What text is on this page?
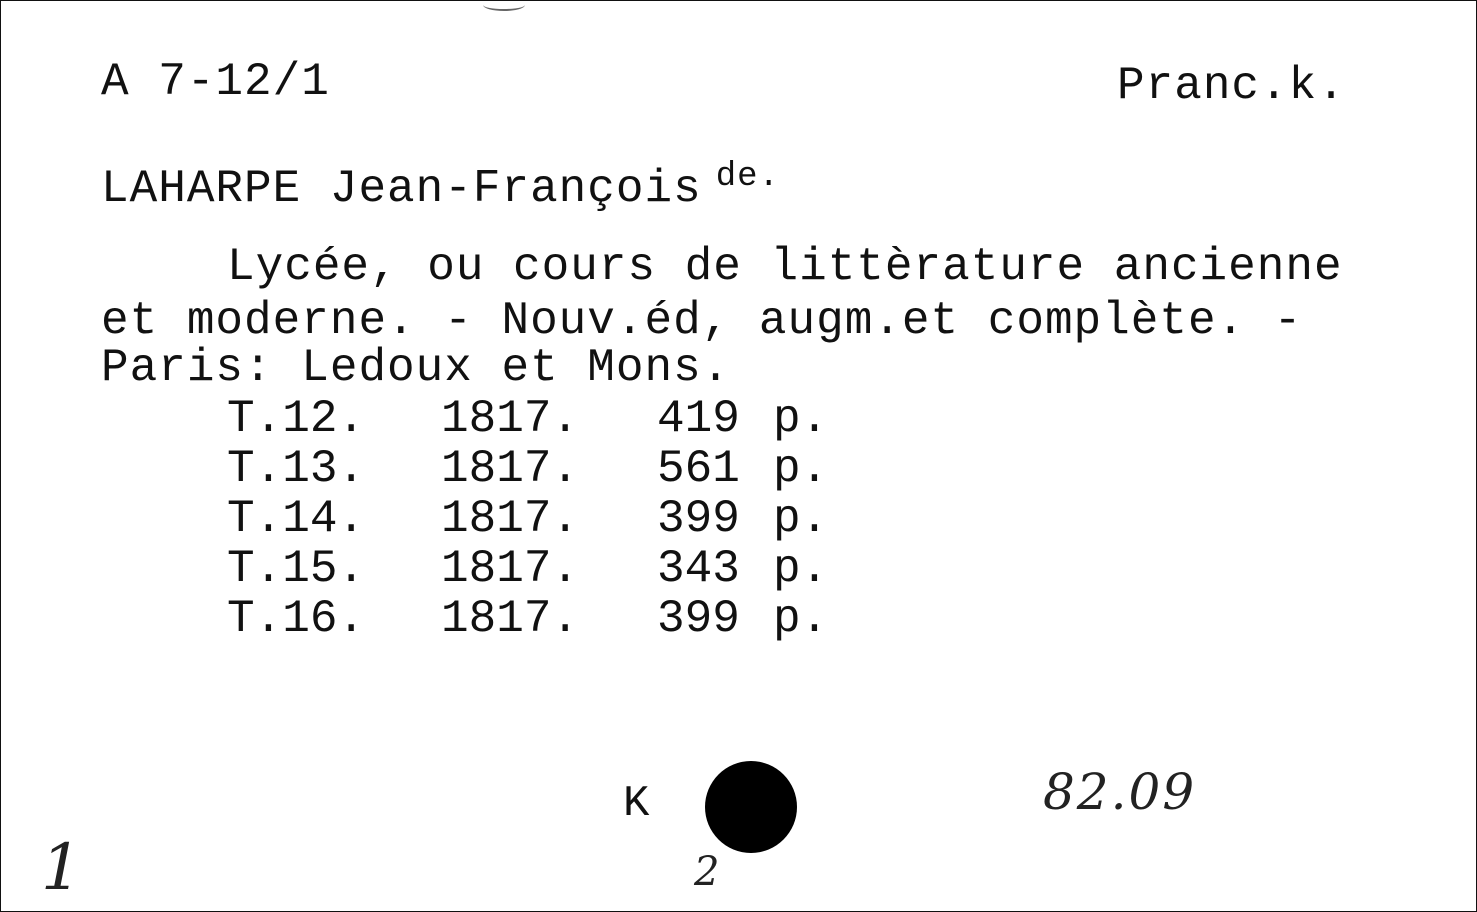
A 7-12/1	Pranc.k.
LAHARPE Jean-François $^{de.}$
Lycée, ou cours de littèrature ancienne
et moderne. - Nouv.éd, augm.et complète. -
Paris: Ledoux et Mons.
T.12. 1817. 419 p.
T.13. 1817. 561 p.
T.14. 1817. 399 p.
T.15. 1817. 343 p.
T.16. 1817. 399 p.
K	82.09
1	2
